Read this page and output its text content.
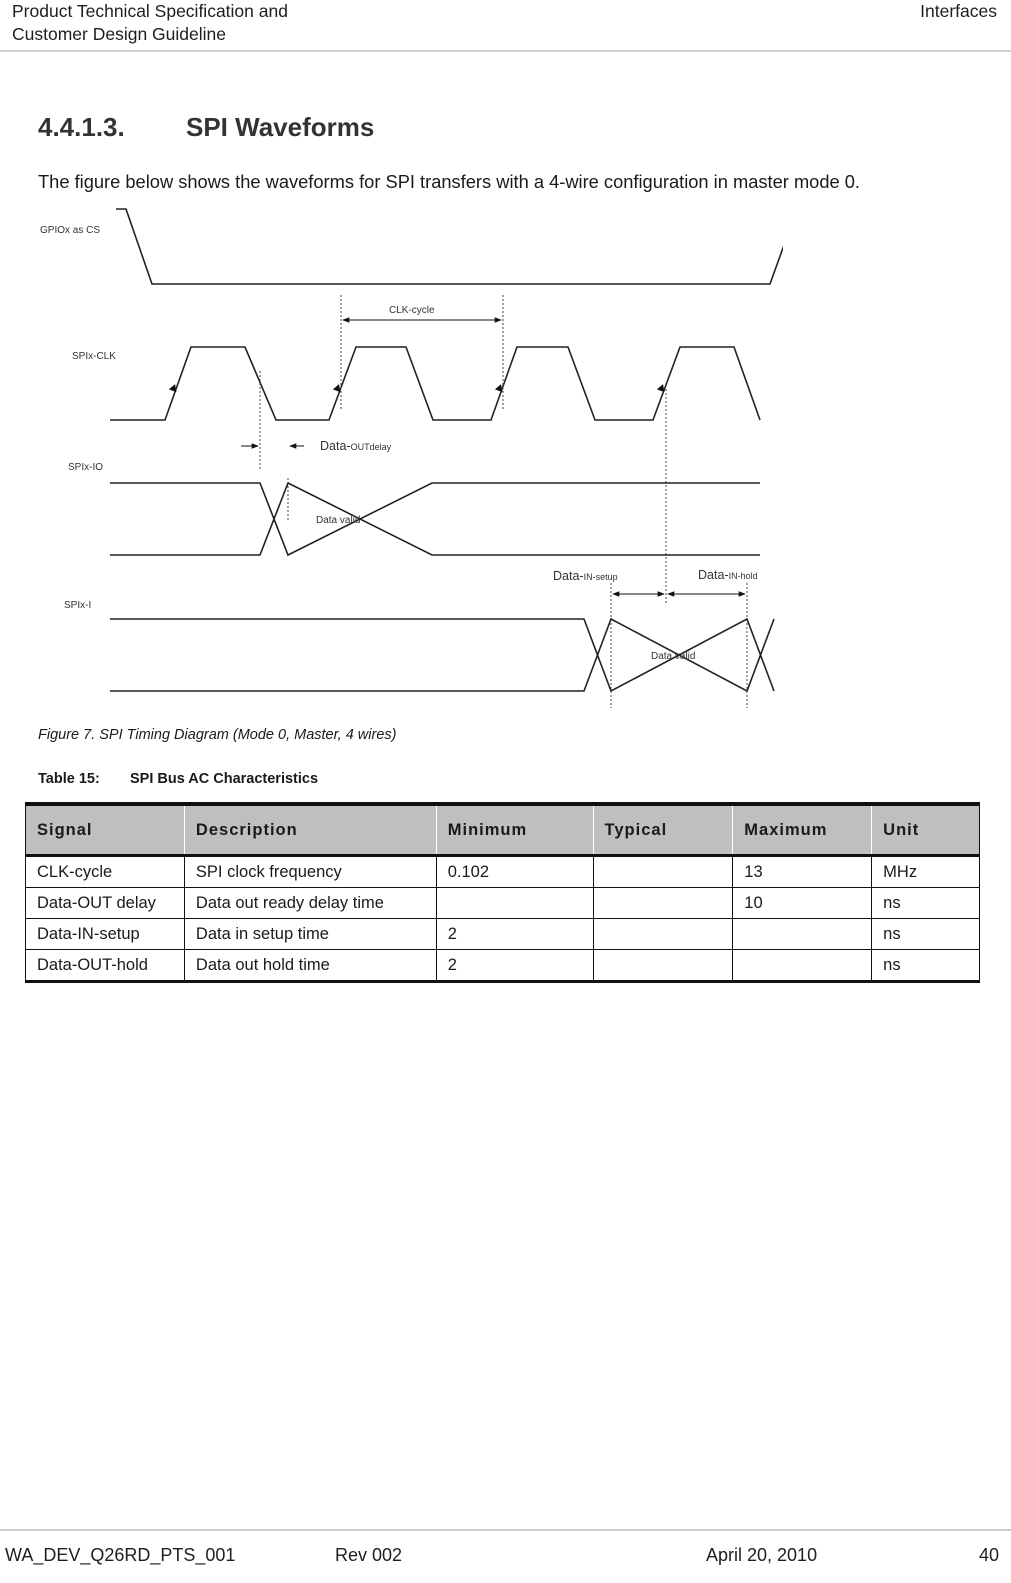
Product Technical Specification and
Customer Design Guideline
Interfaces
4.4.1.3. SPI Waveforms
The figure below shows the waveforms for SPI transfers with a 4-wire configuration in master mode 0.
GPIOx as CS
SPIx-CLK
SPIx-IO
SPIx-I
CLK-cycle
Data-OUTdelay
Data valid
Data-IN-setup	Data-IN-hold
Data valid
Figure 7. SPI Timing Diagram (Mode 0, Master, 4 wires)
Table 15: SPI Bus AC Characteristics
Signal	Description	Minimum	Typical	Maximum	Unit
CLK-cycle	SPI clock frequency	0.102		13	MHz
Data-OUT delay	Data out ready delay time			10	ns
Data-IN-setup	Data in setup time	2			ns
Data-OUT-hold	Data out hold time	2			ns
WA_DEV_Q26RD_PTS_001	Rev 002	April 20, 2010	40
